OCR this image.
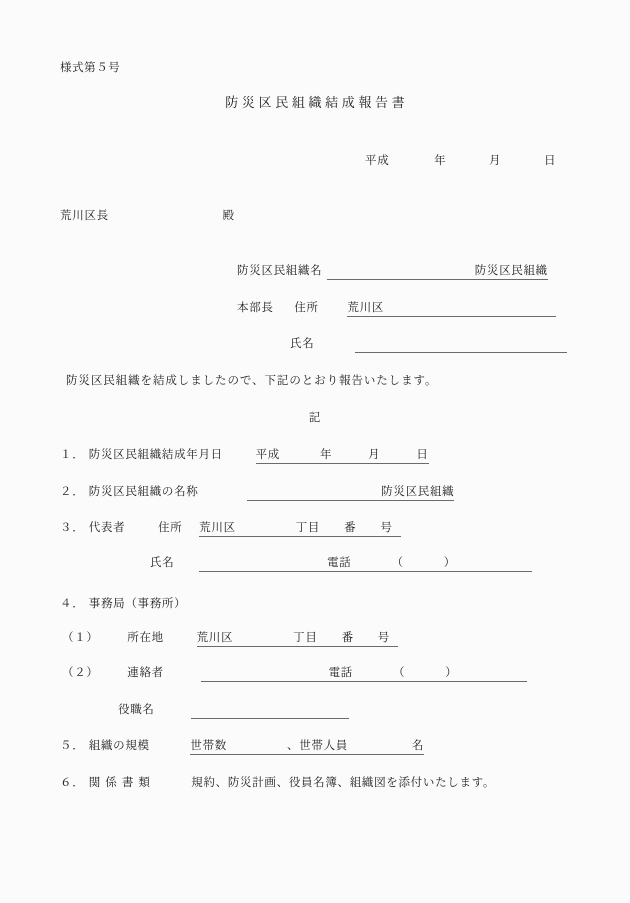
様式第５号
防災区民組織結成報告書
平成	年	月	日
荒川区長	殿
防災区民組織名	防災区民組織
本部長 住所 荒川区
氏名
防災区民組織を結成しましたので、下記のとおり報告いたします。
記
１． 防災区民組織結成年月日	平成	年	月	日
２． 防災区民組織の名称	防災区民組織
３． 代表者	住所 荒川区	丁目 番 号
氏名	電話	（	）
４． 事務局（事務所）
（１） 所在地	荒川区	丁目 番 号
（２） 連絡者	電話	（	）
役職名
５． 組織の規模	世帯数	、世帯人員	名
６． 関 係 書 類	規約、防災計画、役員名簿、組織図を添付いたします。
